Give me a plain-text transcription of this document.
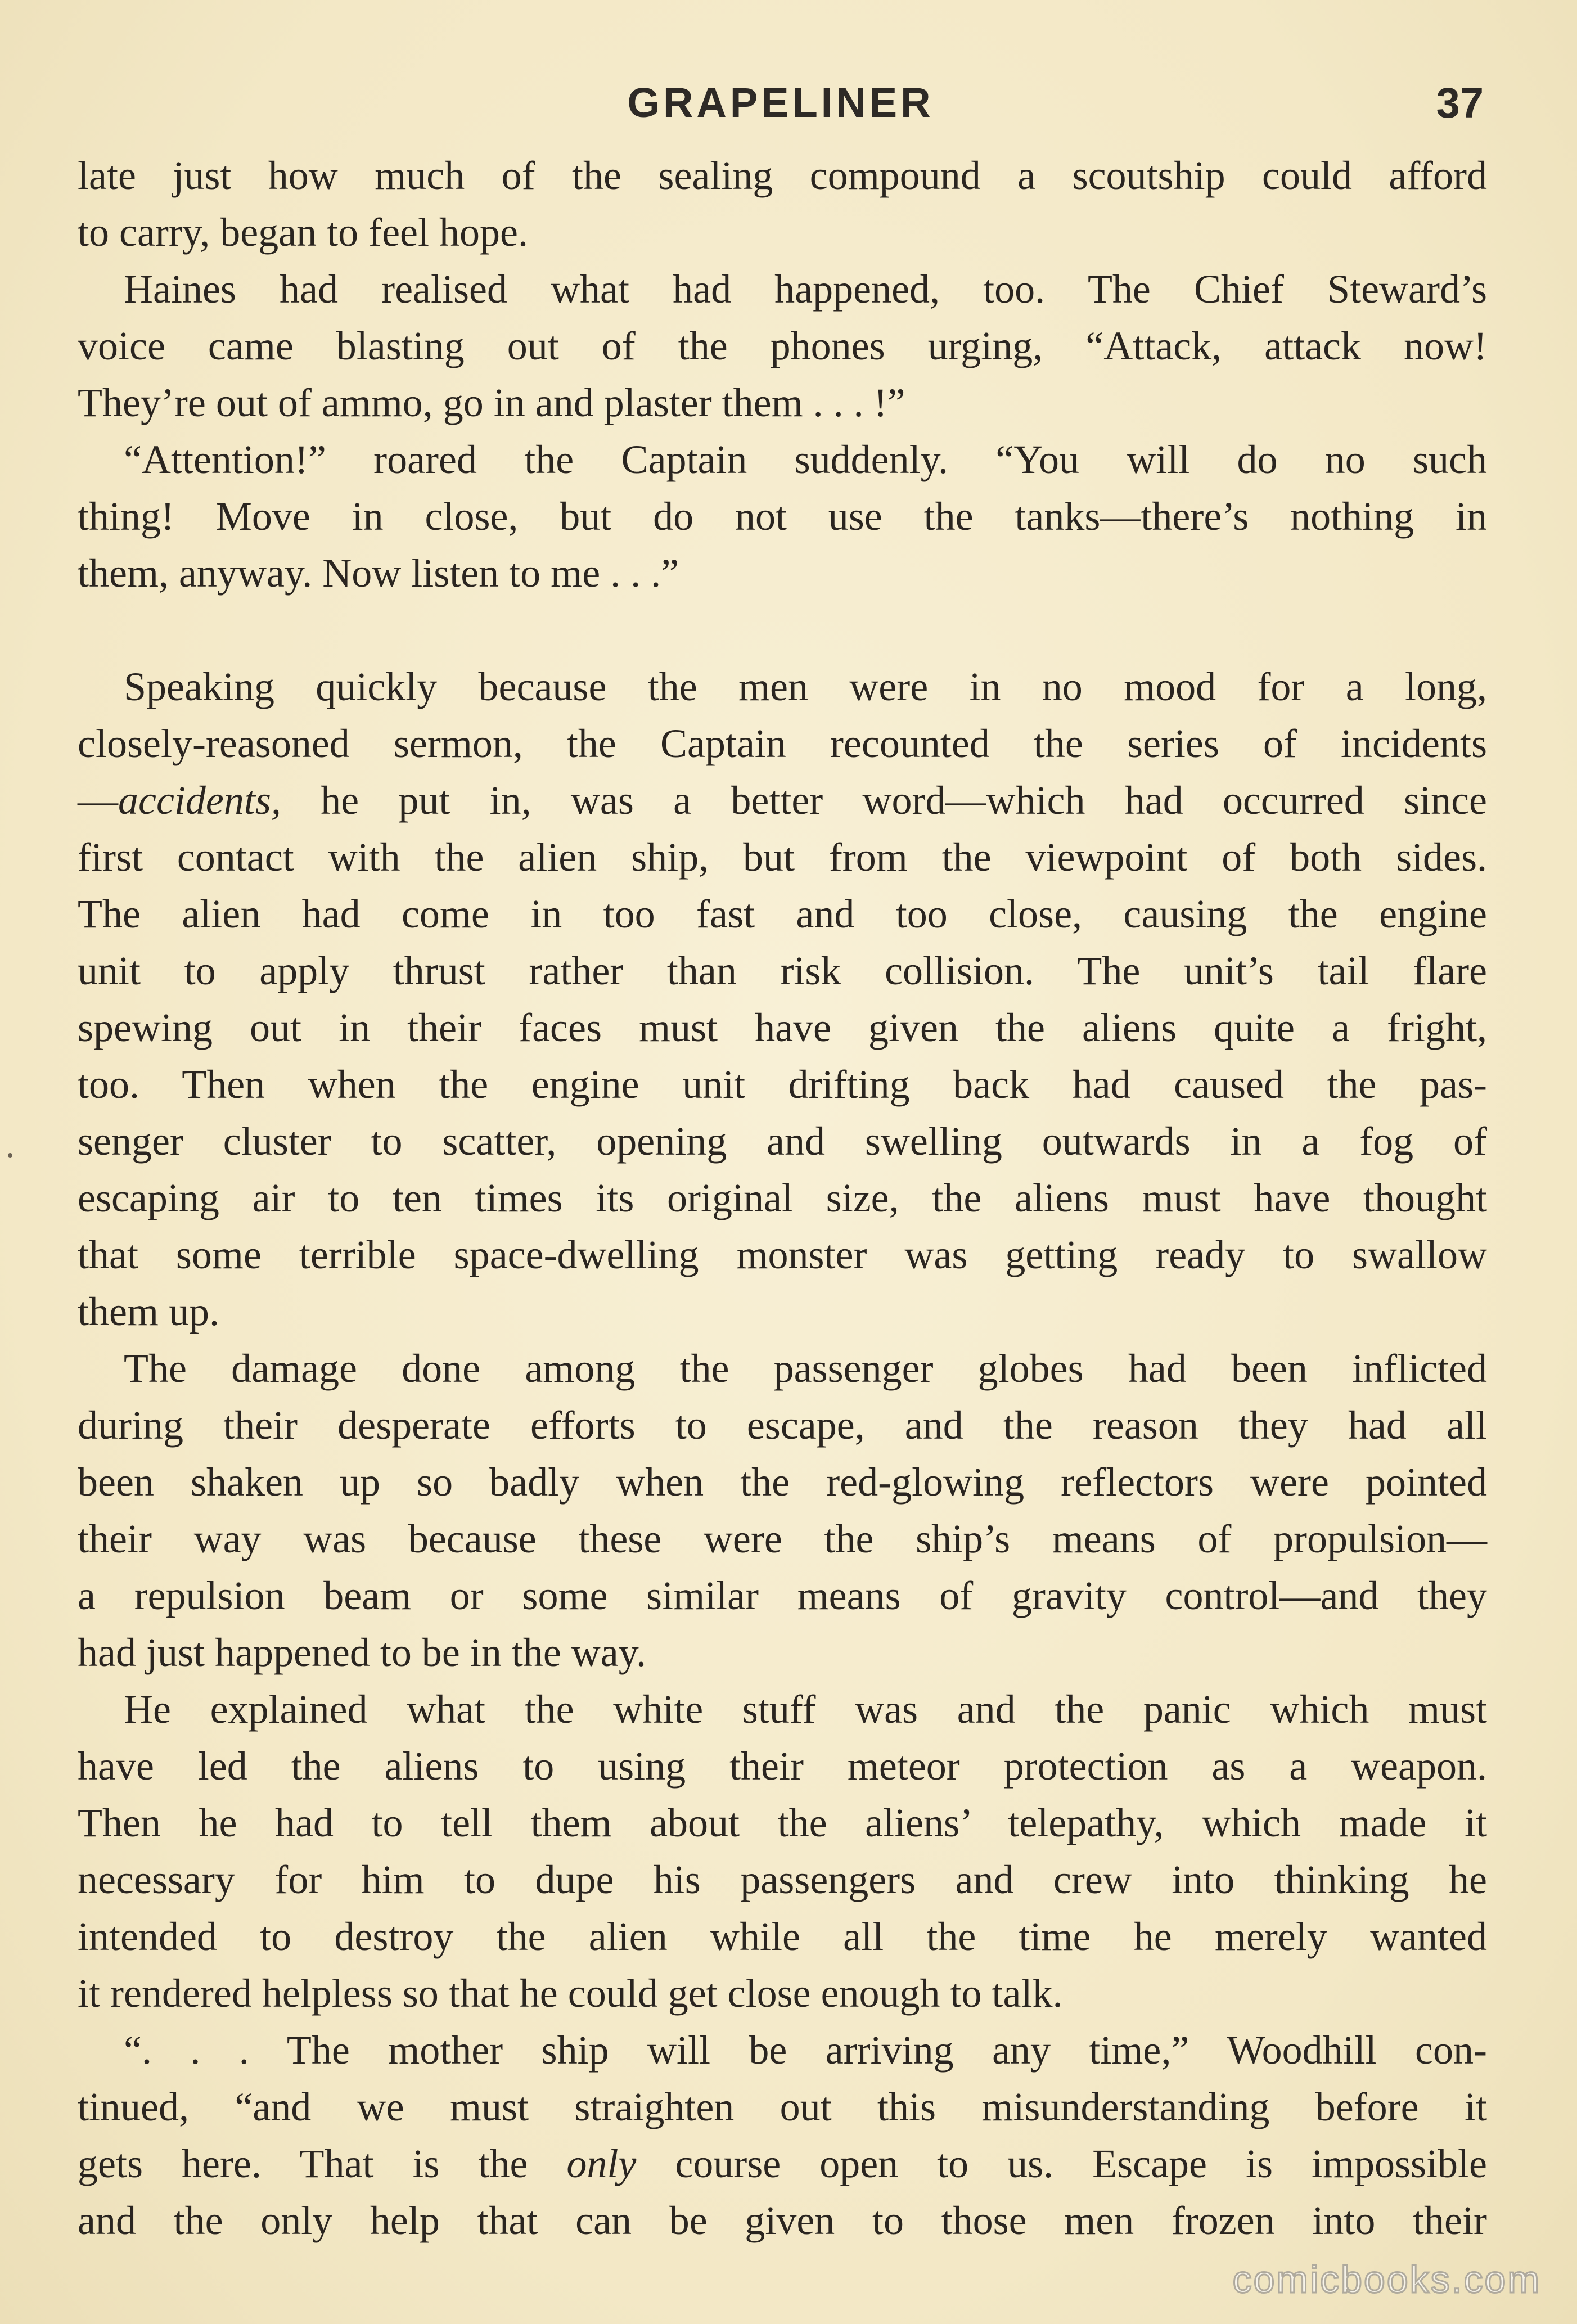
GRAPELINER	37
late just how much of the sealing compound a scoutship could afford
to carry, began to feel hope.
Haines had realised what had happened, too. The Chief Steward’s
voice came blasting out of the phones urging, “Attack, attack now!
They’re out of ammo, go in and plaster them . . . !”
“Attention!” roared the Captain suddenly. “You will do no such
thing! Move in close, but do not use the tanks—there’s nothing in
them, anyway. Now listen to me . . .”
Speaking quickly because the men were in no mood for a long,
closely-reasoned sermon, the Captain recounted the series of incidents
—accidents, he put in, was a better word—which had occurred since
first contact with the alien ship, but from the viewpoint of both sides.
The alien had come in too fast and too close, causing the engine
unit to apply thrust rather than risk collision. The unit’s tail flare
spewing out in their faces must have given the aliens quite a fright,
too. Then when the engine unit drifting back had caused the pas-
senger cluster to scatter, opening and swelling outwards in a fog of
escaping air to ten times its original size, the aliens must have thought
that some terrible space-dwelling monster was getting ready to swallow
them up.
The damage done among the passenger globes had been inflicted
during their desperate efforts to escape, and the reason they had all
been shaken up so badly when the red-glowing reflectors were pointed
their way was because these were the ship’s means of propulsion—
a repulsion beam or some similar means of gravity control—and they
had just happened to be in the way.
He explained what the white stuff was and the panic which must
have led the aliens to using their meteor protection as a weapon.
Then he had to tell them about the aliens’ telepathy, which made it
necessary for him to dupe his passengers and crew into thinking he
intended to destroy the alien while all the time he merely wanted
it rendered helpless so that he could get close enough to talk.
“. . . The mother ship will be arriving any time,” Woodhill con-
tinued, “and we must straighten out this misunderstanding before it
gets here. That is the only course open to us. Escape is impossible
and the only help that can be given to those men frozen into their
comicbooks.com
